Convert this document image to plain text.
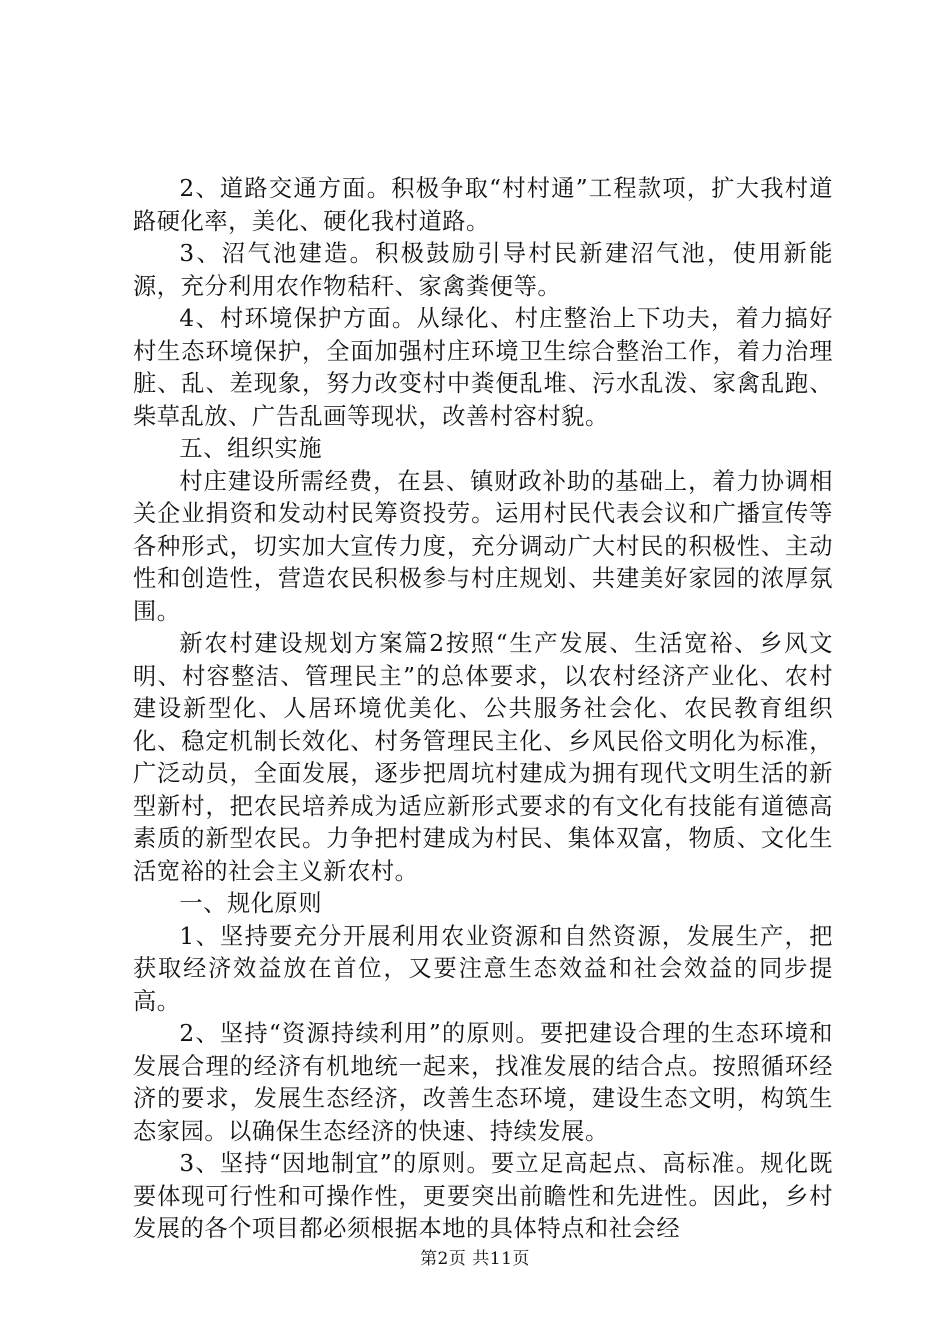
2、道路交通方面。积极争取“村村通”工程款项，扩大我村道路硬化率，美化、硬化我村道路。

3、沼气池建造。积极鼓励引导村民新建沼气池，使用新能源，充分利用农作物秸秆、家禽粪便等。

4、村环境保护方面。从绿化、村庄整治上下功夫，着力搞好村生态环境保护，全面加强村庄环境卫生综合整治工作，着力治理脏、乱、差现象，努力改变村中粪便乱堆、污水乱泼、家禽乱跑、柴草乱放、广告乱画等现状，改善村容村貌。

五、组织实施

村庄建设所需经费，在县、镇财政补助的基础上，着力协调相关企业捐资和发动村民筹资投劳。运用村民代表会议和广播宣传等各种形式，切实加大宣传力度，充分调动广大村民的积极性、主动性和创造性，营造农民积极参与村庄规划、共建美好家园的浓厚氛围。

新农村建设规划方案篇2按照“生产发展、生活宽裕、乡风文明、村容整洁、管理民主”的总体要求，以农村经济产业化、农村建设新型化、人居环境优美化、公共服务社会化、农民教育组织化、稳定机制长效化、村务管理民主化、乡风民俗文明化为标准，广泛动员，全面发展，逐步把周坑村建成为拥有现代文明生活的新型新村，把农民培养成为适应新形式要求的有文化有技能有道德高素质的新型农民。力争把村建成为村民、集体双富，物质、文化生活宽裕的社会主义新农村。

一、规化原则

1、坚持要充分开展利用农业资源和自然资源，发展生产，把获取经济效益放在首位，又要注意生态效益和社会效益的同步提高。

2、坚持“资源持续利用”的原则。要把建设合理的生态环境和发展合理的经济有机地统一起来，找准发展的结合点。按照循环经济的要求，发展生态经济，改善生态环境，建设生态文明，构筑生态家园。以确保生态经济的快速、持续发展。

3、坚持“因地制宜”的原则。要立足高起点、高标准。规化既要体现可行性和可操作性，更要突出前瞻性和先进性。因此，乡村发展的各个项目都必须根据本地的具体特点和社会经

第2页 共11页
